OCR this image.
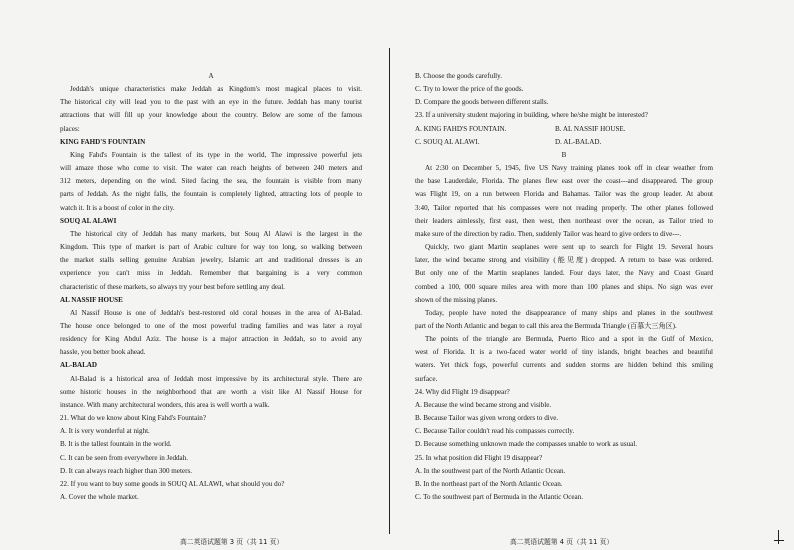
A
Jeddah's unique characteristics make Jeddah as Kingdom's most magical places to visit.
The historical city will lead you to the past with an eye in the future. Jeddah has many tourist
attractions that will fill up your knowledge about the country. Below are some of the famous
places:
KING FAHD'S FOUNTAIN
King Fahd's Fountain is the tallest of its type in the world, The impressive powerful jets
will amaze those who come to visit. The water can reach heights of between 240 meters and
312 meters, depending on the wind. Sited facing the sea, the fountain is visible from many
parts of Jeddah. As the night falls, the fountain is completely lighted, attracting lots of people to
watch it. It is a boost of color in the city.
SOUQ AL ALAWI
The historical city of Jeddah has many markets, but Souq Al Alawi is the largest in the
Kingdom. This type of market is part of Arabic culture for way too long, so walking between
the market stalls selling genuine Arabian jewelry, Islamic art and traditional dresses is an
experience you can't miss in Jeddah. Remember that bargaining is a very common
characteristic of these markets, so always try your best before settling any deal.
AL NASSIF HOUSE
Al Nassif House is one of Jeddah's best-restored old coral houses in the area of Al-Balad.
The house once belonged to one of the most powerful trading families and was later a royal
residency for King Abdul Aziz. The house is a major attraction in Jeddah, so to avoid any
hassle, you better book ahead.
AL-BALAD
Al-Balad is a historical area of Jeddah most impressive by its architectural style. There are
some historic houses in the neighborhood that are worth a visit like Al Nassif House for
instance. With many architectural wonders, this area is well worth a walk.
21. What do we know about King Fahd's Fountain?
A. It is very wonderful at night.
B. It is the tallest fountain in the world.
C. It can be seen from everywhere in Jeddah.
D. It can always reach higher than 300 meters.
22. If you want to buy some goods in SOUQ AL ALAWI, what should you do?
A. Cover the whole market.
B. Choose the goods carefully.
C. Try to lower the price of the goods.
D. Compare the goods between different stalls.
23. If a university student majoring in building, where he/she might be interested?
A. KING FAHD'S FOUNTAIN.	B. AL NASSIF HOUSE.
C. SOUQ AL ALAWI.	D. AL-BALAD.
B
At 2:30 on December 5, 1945, five US Navy training planes took off in clear weather from
the base Lauderdale, Florida. The planes flew east over the coast---and disappeared. The group
was Flight 19, on a run between Florida and Bahamas. Tailor was the group leader. At about
3:40, Tailor reported that his compasses were not reading properly. The other planes followed
their leaders aimlessly, first east, then west, then northeast over the ocean, as Tailor tried to
make sure of the direction by radio. Then, suddenly Tailor was heard to give orders to dive---.
Quickly, two giant Martin seaplanes were sent up to search for Flight 19. Several hours
later, the wind became strong and visibility (能见度) dropped. A return to base was ordered.
But only one of the Martin seaplanes landed. Four days later, the Navy and Coast Guard
combed a 100, 000 square miles area with more than 100 planes and ships. No sign was ever
shown of the missing planes.
Today, people have noted the disappearance of many ships and planes in the southwest
part of the North Atlantic and began to call this area the Bermuda Triangle (百慕大三角区).
The points of the triangle are Bermuda, Puerto Rico and a spot in the Gulf of Mexico,
west of Florida. It is a two-faced water world of tiny islands, bright beaches and beautiful
waters. Yet thick fogs, powerful currents and sudden storms are hidden behind this smiling
surface.
24. Why did Flight 19 disappear?
A. Because the wind became strong and visible.
B. Because Tailor was given wrong orders to dive.
C. Because Tailor couldn't read his compasses correctly.
D. Because something unknown made the compasses unable to work as usual.
25. In what position did Flight 19 disappear?
A. In the southwest part of the North Atlantic Ocean.
B. In the northeast part of the North Atlantic Ocean.
C. To the southwest part of Bermuda in the Atlantic Ocean.
高二英语试题第 3 页（共 11 页）	高二英语试题第 4 页（共 11 页）
